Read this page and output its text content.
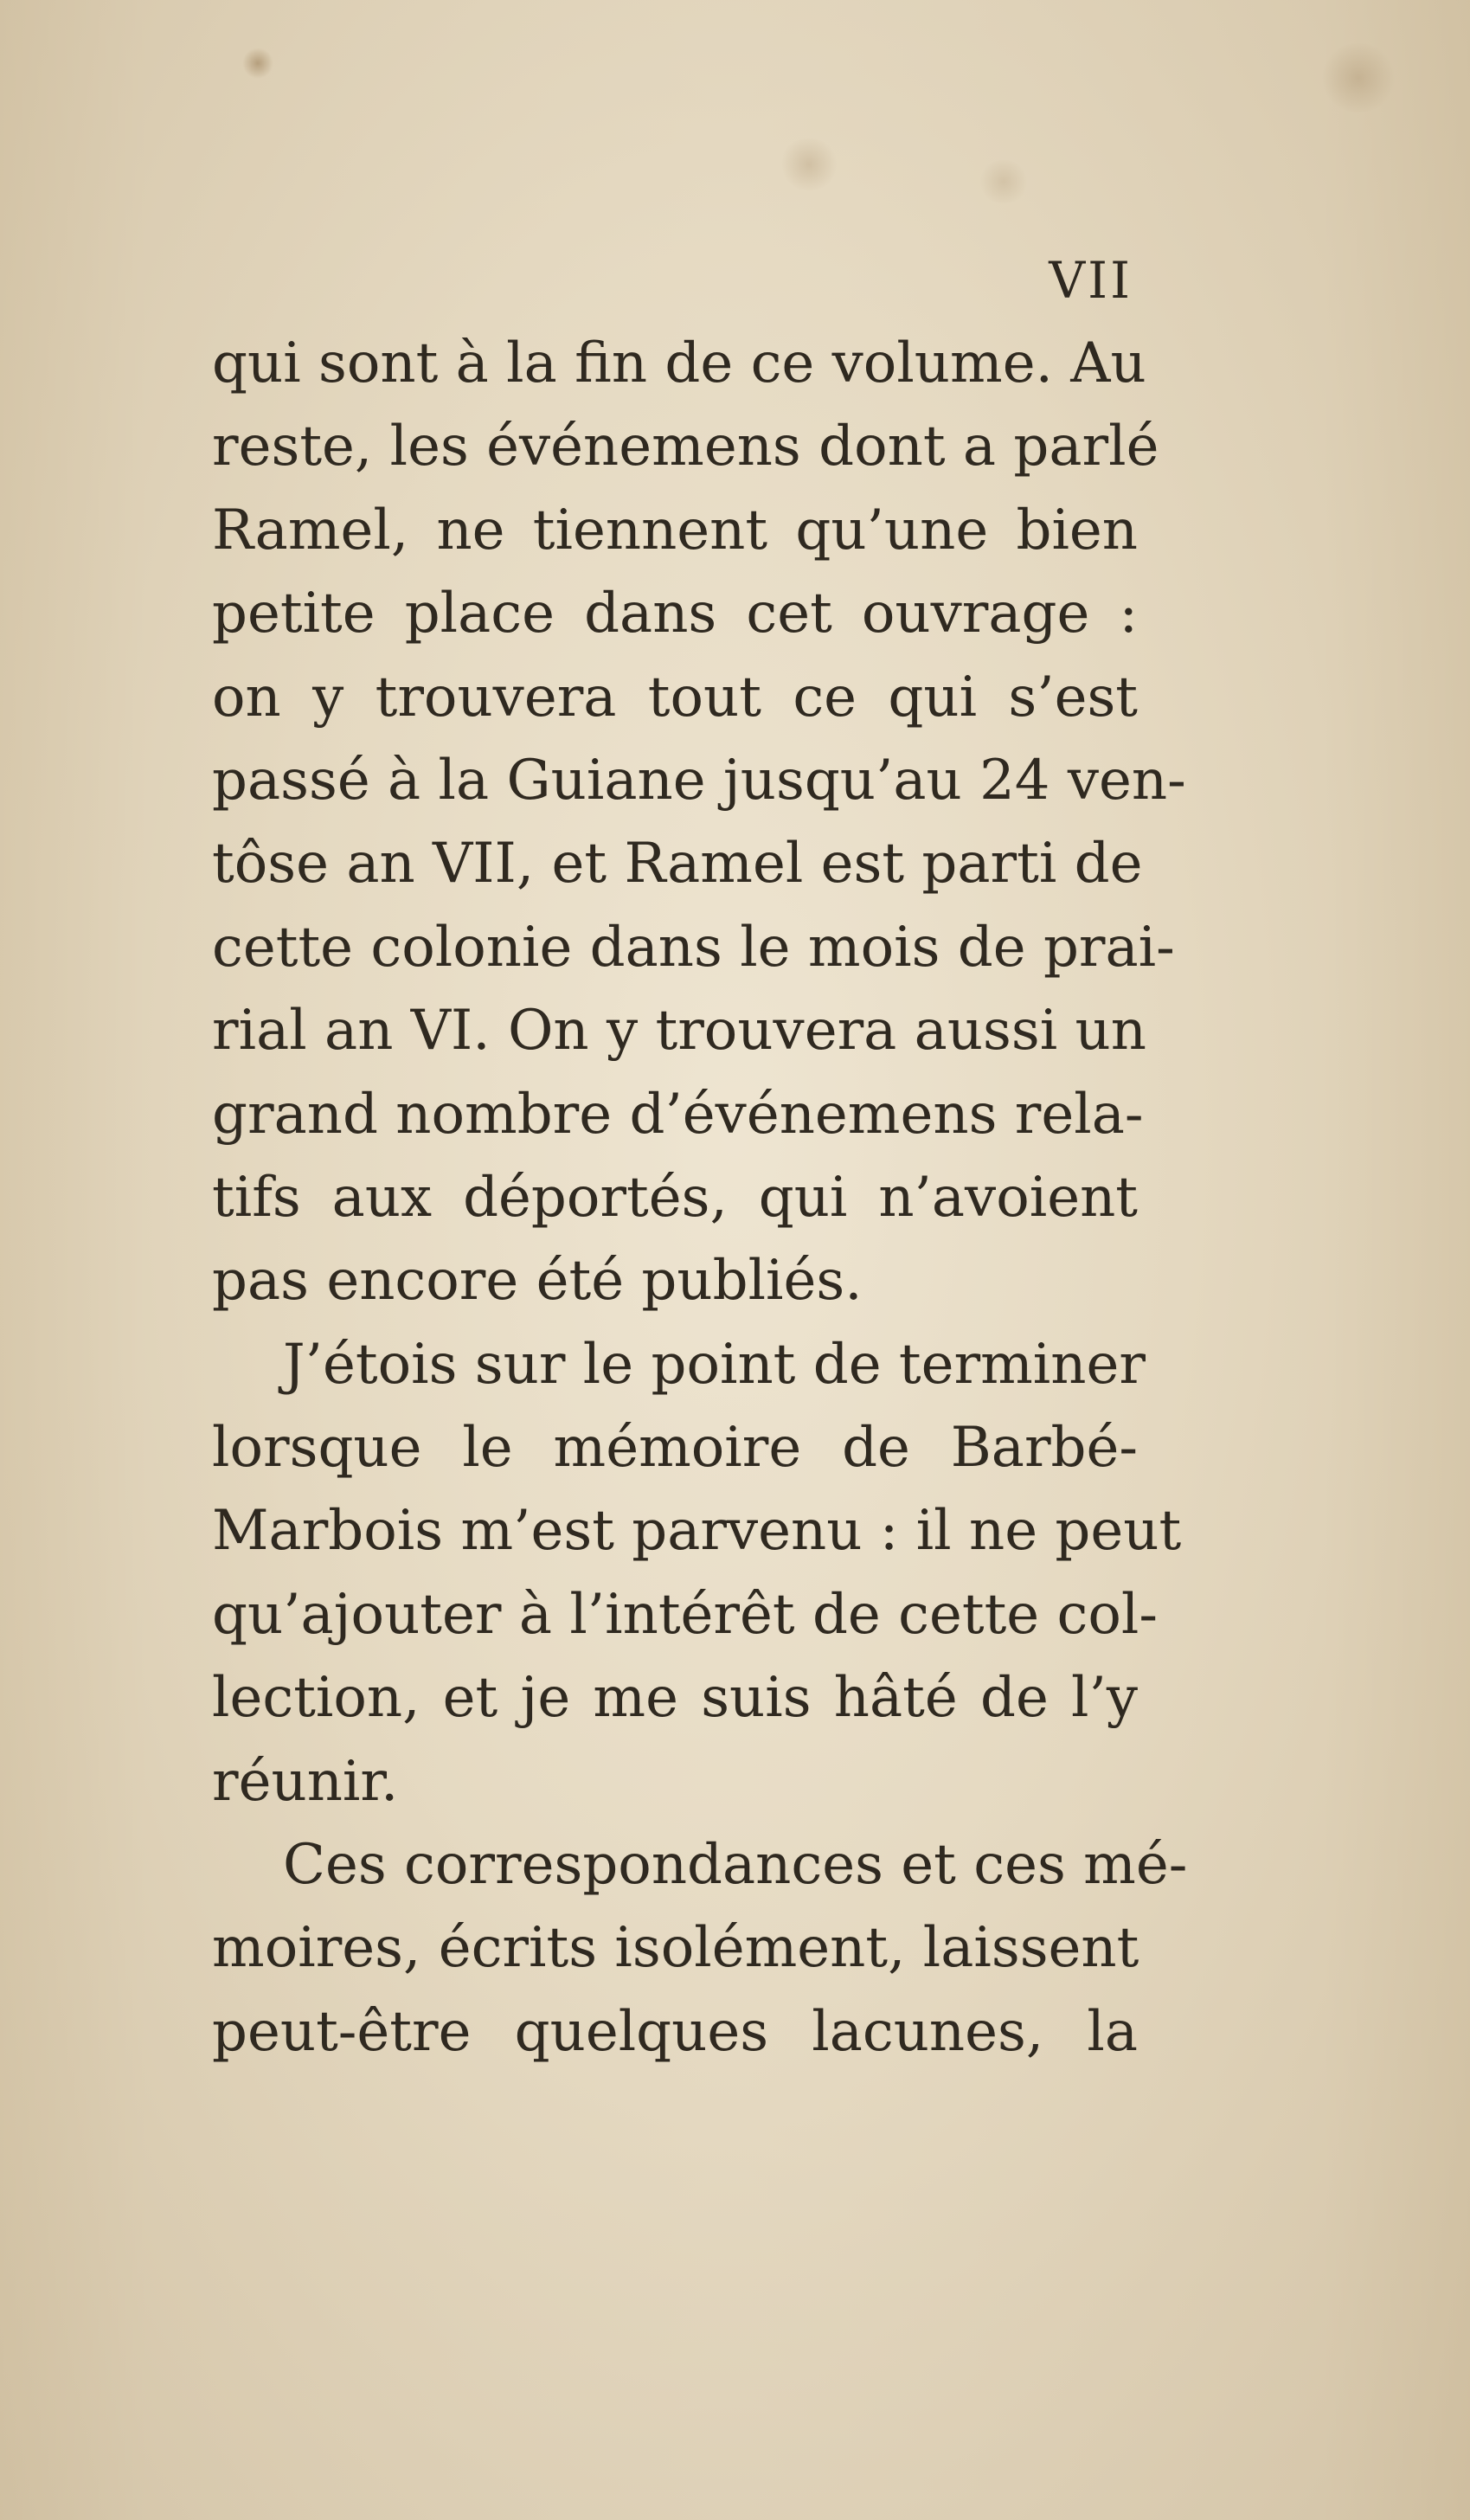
VII
qui sont à la fin de ce volume. Au
reste, les événemens dont a parlé
Ramel, ne tiennent qu’une bien
petite place dans cet ouvrage :
on y trouvera tout ce qui s’est
passé à la Guiane jusqu’au 24 ven-
tôse an VII, et Ramel est parti de
cette colonie dans le mois de prai-
rial an VI. On y trouvera aussi un
grand nombre d’événemens rela-
tifs aux déportés, qui n’avoient
pas encore été publiés.
J’étois sur le point de terminer
lorsque le mémoire de Barbé-
Marbois m’est parvenu : il ne peut
qu’ajouter à l’intérêt de cette col-
lection, et je me suis hâté de l’y
réunir.
Ces correspondances et ces mé-
moires, écrits isolément, laissent
peut-être quelques lacunes, la
